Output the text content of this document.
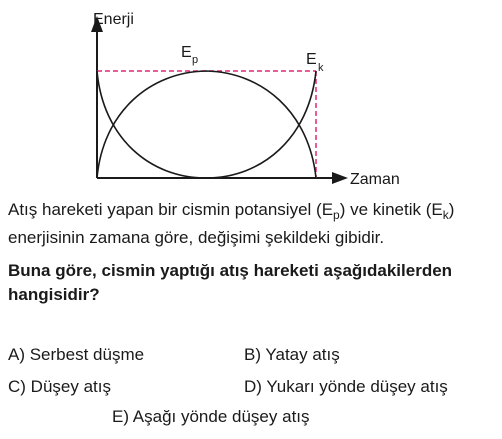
Enerji
Zaman
E p	E k
Atış hareketi yapan bir cismin potansiyel $(E_p)$ ve kinetik $(E_k)$ enerjisinin zamana göre, değişimi şekildeki gibidir.
Buna göre, cismin yaptığı atış hareketi aşağıdakilerden hangisidir?
A) Serbest düşme	B) Yatay atış
C) Düşey atış	D) Yukarı yönde düşey atış
E) Aşağı yönde düşey atış
